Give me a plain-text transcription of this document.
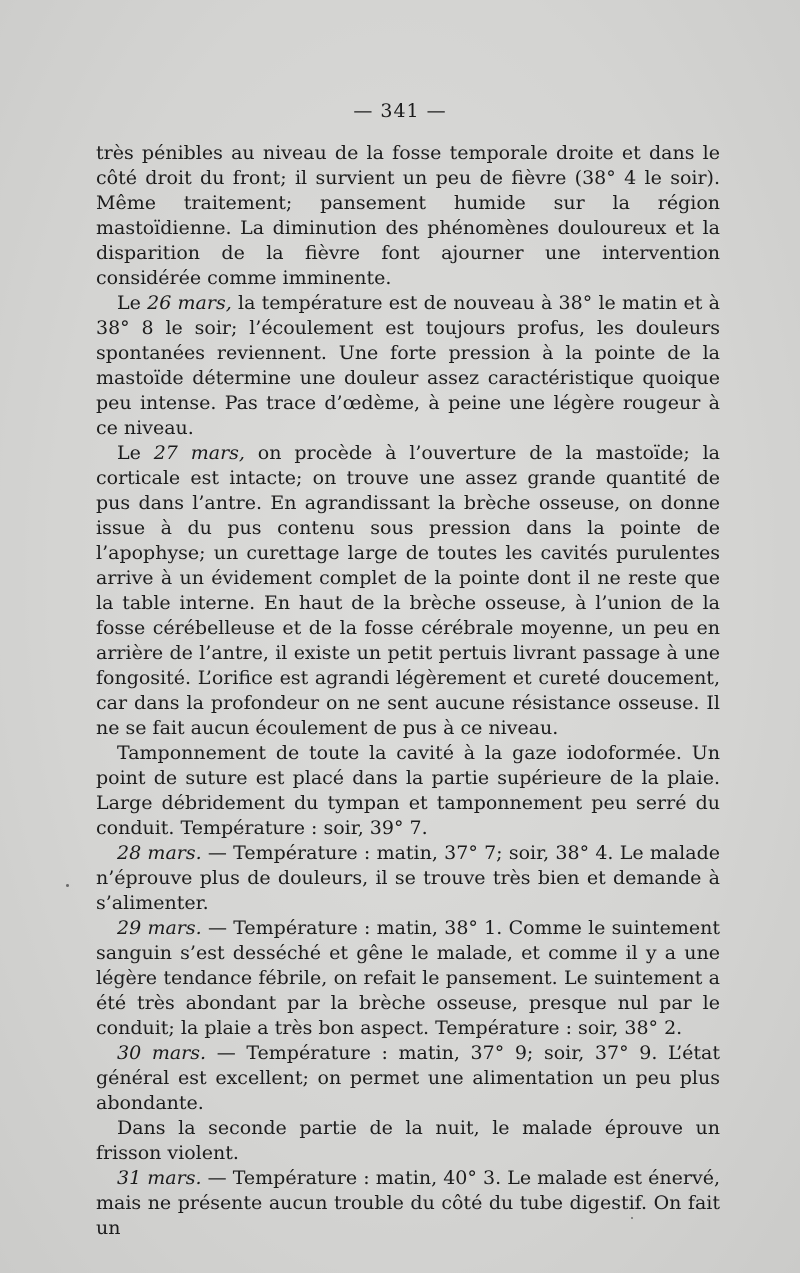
— 341 —

très pénibles au niveau de la fosse temporale droite et dans le côté droit du front; il survient un peu de fièvre (38° 4 le soir). Même traitement; pansement humide sur la région mastoïdienne. La diminution des phénomènes douloureux et la disparition de la fièvre font ajourner une intervention considérée comme imminente.

Le 26 mars, la température est de nouveau à 38° le matin et à 38° 8 le soir; l’écoulement est toujours profus, les douleurs spontanées reviennent. Une forte pression à la pointe de la mastoïde détermine une douleur assez caractéristique quoique peu intense. Pas trace d’œdème, à peine une légère rougeur à ce niveau.

Le 27 mars, on procède à l’ouverture de la mastoïde; la corticale est intacte; on trouve une assez grande quantité de pus dans l’antre. En agrandissant la brèche osseuse, on donne issue à du pus contenu sous pression dans la pointe de l’apophyse; un curettage large de toutes les cavités purulentes arrive à un évidement complet de la pointe dont il ne reste que la table interne. En haut de la brèche osseuse, à l’union de la fosse cérébelleuse et de la fosse cérébrale moyenne, un peu en arrière de l’antre, il existe un petit pertuis livrant passage à une fongosité. L’orifice est agrandi légèrement et cureté doucement, car dans la profondeur on ne sent aucune résistance osseuse. Il ne se fait aucun écoulement de pus à ce niveau.

Tamponnement de toute la cavité à la gaze iodoformée. Un point de suture est placé dans la partie supérieure de la plaie. Large débridement du tympan et tamponnement peu serré du conduit. Température : soir, 39° 7.

28 mars. — Température : matin, 37° 7; soir, 38° 4. Le malade n’éprouve plus de douleurs, il se trouve très bien et demande à s’alimenter.

29 mars. — Température : matin, 38° 1. Comme le suintement sanguin s’est desséché et gêne le malade, et comme il y a une légère tendance fébrile, on refait le pansement. Le suintement a été très abondant par la brèche osseuse, presque nul par le conduit; la plaie a très bon aspect. Température : soir, 38° 2.

30 mars. — Température : matin, 37° 9; soir, 37° 9. L’état général est excellent; on permet une alimentation un peu plus abondante.

Dans la seconde partie de la nuit, le malade éprouve un frisson violent.

31 mars. — Température : matin, 40° 3. Le malade est énervé, mais ne présente aucun trouble du côté du tube digestif. On fait un
